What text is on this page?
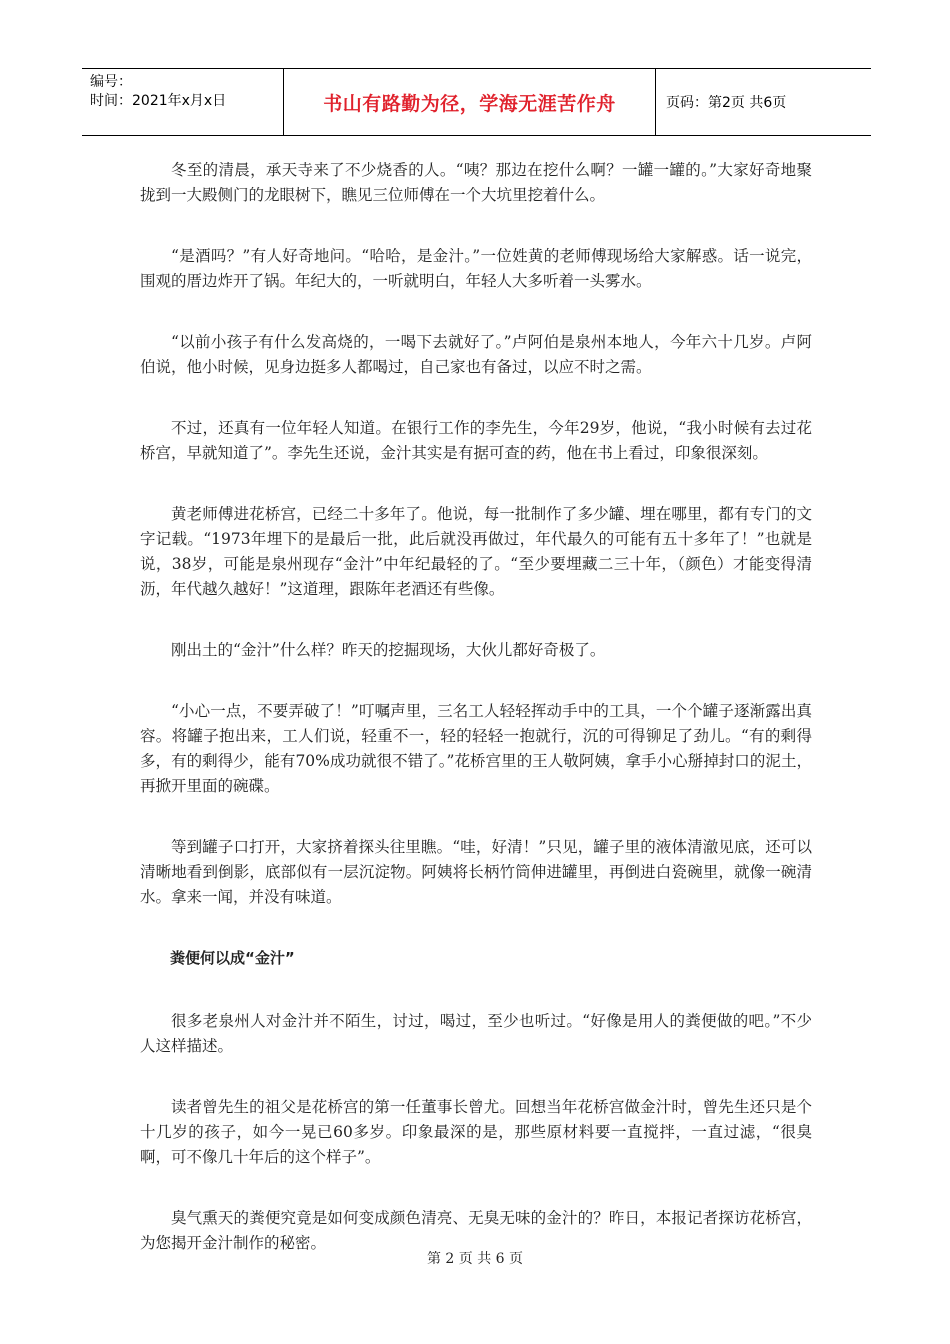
编号：
时间：2021年x月x日	书山有路勤为径，学海无涯苦作舟	页码：第2页 共6页

冬至的清晨，承天寺来了不少烧香的人。“咦？那边在挖什么啊？一罐一罐的。”大家好奇地聚拢到一大殿侧门的龙眼树下，瞧见三位师傅在一个大坑里挖着什么。

“是酒吗？”有人好奇地问。“哈哈，是金汁。”一位姓黄的老师傅现场给大家解惑。话一说完，围观的厝边炸开了锅。年纪大的，一听就明白，年轻人大多听着一头雾水。

“以前小孩子有什么发高烧的，一喝下去就好了。”卢阿伯是泉州本地人，今年六十几岁。卢阿伯说，他小时候，见身边挺多人都喝过，自己家也有备过，以应不时之需。

不过，还真有一位年轻人知道。在银行工作的李先生，今年29岁，他说，“我小时候有去过花桥宫，早就知道了”。李先生还说，金汁其实是有据可查的药，他在书上看过，印象很深刻。

黄老师傅进花桥宫，已经二十多年了。他说，每一批制作了多少罐、埋在哪里，都有专门的文字记载。“1973年埋下的是最后一批，此后就没再做过，年代最久的可能有五十多年了！”也就是说，38岁，可能是泉州现存“金汁”中年纪最轻的了。“至少要埋藏二三十年，（颜色）才能变得清沥，年代越久越好！”这道理，跟陈年老酒还有些像。

刚出土的“金汁”什么样？昨天的挖掘现场，大伙儿都好奇极了。

“小心一点，不要弄破了！”叮嘱声里，三名工人轻轻挥动手中的工具，一个个罐子逐渐露出真容。将罐子抱出来，工人们说，轻重不一，轻的轻轻一抱就行，沉的可得铆足了劲儿。“有的剩得多，有的剩得少，能有70%成功就很不错了。”花桥宫里的王人敬阿姨，拿手小心掰掉封口的泥土，再掀开里面的碗碟。

等到罐子口打开，大家挤着探头往里瞧。“哇，好清！”只见，罐子里的液体清澈见底，还可以清晰地看到倒影，底部似有一层沉淀物。阿姨将长柄竹筒伸进罐里，再倒进白瓷碗里，就像一碗清水。拿来一闻，并没有味道。

粪便何以成“金汁”

很多老泉州人对金汁并不陌生，讨过，喝过，至少也听过。“好像是用人的粪便做的吧。”不少人这样描述。

读者曾先生的祖父是花桥宫的第一任董事长曾尤。回想当年花桥宫做金汁时，曾先生还只是个十几岁的孩子，如今一晃已60多岁。印象最深的是，那些原材料要一直搅拌，一直过滤，“很臭啊，可不像几十年后的这个样子”。

臭气熏天的粪便究竟是如何变成颜色清亮、无臭无味的金汁的？昨日，本报记者探访花桥宫，为您揭开金汁制作的秘密。

第 2 页 共 6 页
